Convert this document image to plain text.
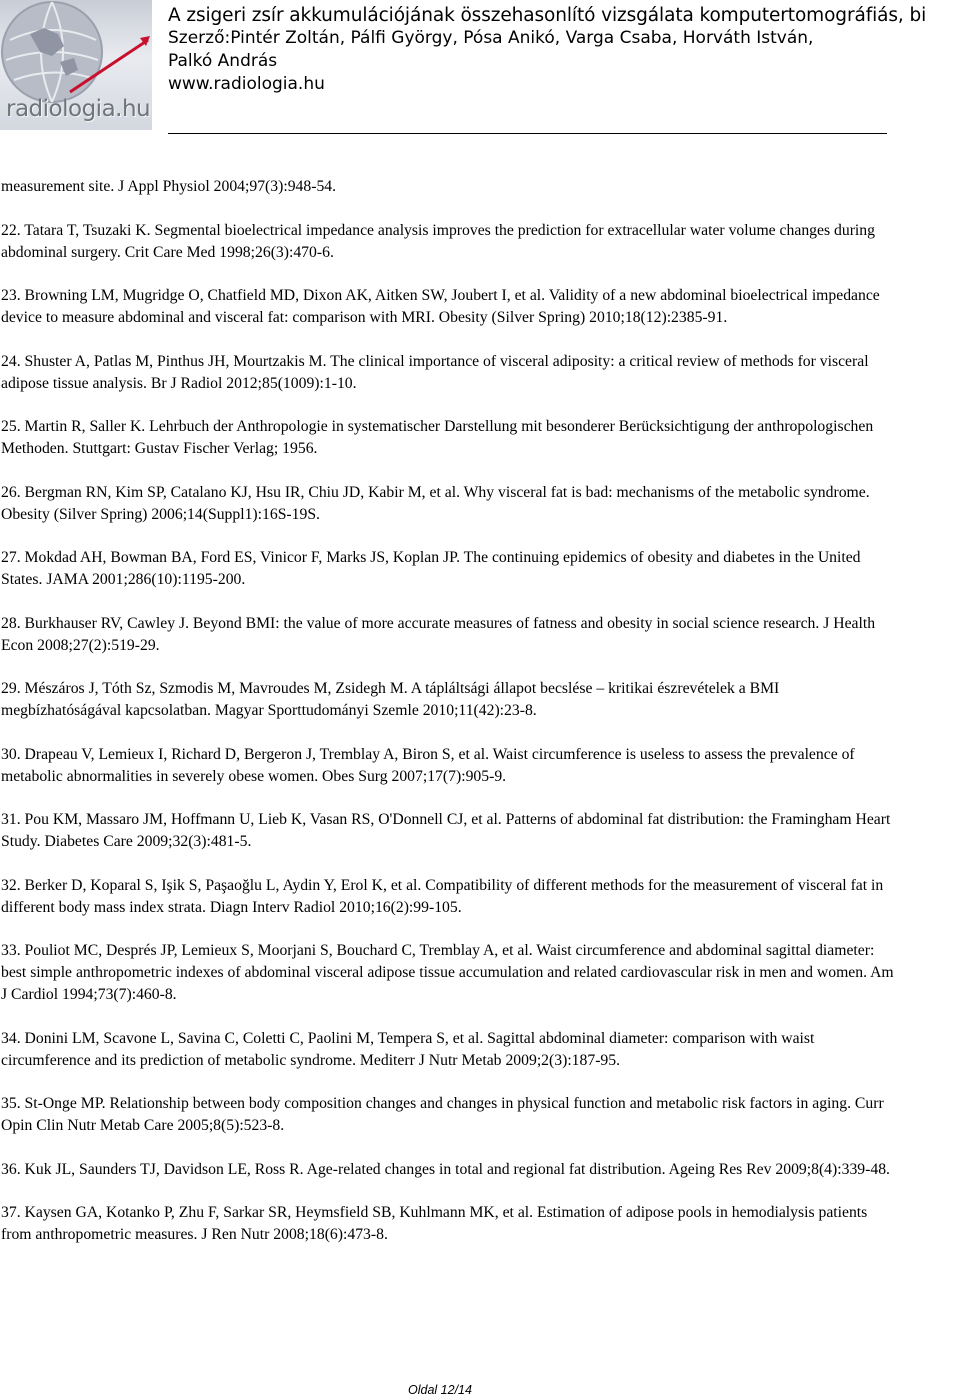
radiologia.hu
A zsigeri zsír akkumulációjának összehasonlító vizsgálata komputertomográfiás, bi
Szerző:Pintér Zoltán, Pálfi György, Pósa Anikó, Varga Csaba, Horváth István,
Palkó András
www.radiologia.hu

measurement site. J Appl Physiol 2004;97(3):948-54.

22. Tatara T, Tsuzaki K. Segmental bioelectrical impedance analysis improves the prediction for extracellular water volume changes during abdominal surgery. Crit Care Med 1998;26(3):470-6.

23. Browning LM, Mugridge O, Chatfield MD, Dixon AK, Aitken SW, Joubert I, et al. Validity of a new abdominal bioelectrical impedance device to measure abdominal and visceral fat: comparison with MRI. Obesity (Silver Spring) 2010;18(12):2385-91.

24. Shuster A, Patlas M, Pinthus JH, Mourtzakis M. The clinical importance of visceral adiposity: a critical review of methods for visceral adipose tissue analysis. Br J Radiol 2012;85(1009):1-10.

25. Martin R, Saller K. Lehrbuch der Anthropologie in systematischer Darstellung mit besonderer Berücksichtigung der anthropologischen Methoden. Stuttgart: Gustav Fischer Verlag; 1956.

26. Bergman RN, Kim SP, Catalano KJ, Hsu IR, Chiu JD, Kabir M, et al. Why visceral fat is bad: mechanisms of the metabolic syndrome. Obesity (Silver Spring) 2006;14(Suppl1):16S-19S.

27. Mokdad AH, Bowman BA, Ford ES, Vinicor F, Marks JS, Koplan JP. The continuing epidemics of obesity and diabetes in the United States. JAMA 2001;286(10):1195-200.

28. Burkhauser RV, Cawley J. Beyond BMI: the value of more accurate measures of fatness and obesity in social science research. J Health Econ 2008;27(2):519-29.

29. Mészáros J, Tóth Sz, Szmodis M, Mavroudes M, Zsidegh M. A tápláltsági állapot becslése – kritikai észrevételek a BMI megbízhatóságával kapcsolatban. Magyar Sporttudományi Szemle 2010;11(42):23-8.

30. Drapeau V, Lemieux I, Richard D, Bergeron J, Tremblay A, Biron S, et al. Waist circumference is useless to assess the prevalence of metabolic abnormalities in severely obese women. Obes Surg 2007;17(7):905-9.

31. Pou KM, Massaro JM, Hoffmann U, Lieb K, Vasan RS, O'Donnell CJ, et al. Patterns of abdominal fat distribution: the Framingham Heart Study. Diabetes Care 2009;32(3):481-5.

32. Berker D, Koparal S, Işik S, Paşaoğlu L, Aydin Y, Erol K, et al. Compatibility of different methods for the measurement of visceral fat in different body mass index strata. Diagn Interv Radiol 2010;16(2):99-105.

33. Pouliot MC, Després JP, Lemieux S, Moorjani S, Bouchard C, Tremblay A, et al. Waist circumference and abdominal sagittal diameter: best simple anthropometric indexes of abdominal visceral adipose tissue accumulation and related cardiovascular risk in men and women. Am J Cardiol 1994;73(7):460-8.

34. Donini LM, Scavone L, Savina C, Coletti C, Paolini M, Tempera S, et al. Sagittal abdominal diameter: comparison with waist circumference and its prediction of metabolic syndrome. Mediterr J Nutr Metab 2009;2(3):187-95.

35. St-Onge MP. Relationship between body composition changes and changes in physical function and metabolic risk factors in aging. Curr Opin Clin Nutr Metab Care 2005;8(5):523-8.

36. Kuk JL, Saunders TJ, Davidson LE, Ross R. Age-related changes in total and regional fat distribution. Ageing Res Rev 2009;8(4):339-48.

37. Kaysen GA, Kotanko P, Zhu F, Sarkar SR, Heymsfield SB, Kuhlmann MK, et al. Estimation of adipose pools in hemodialysis patients from anthropometric measures. J Ren Nutr 2008;18(6):473-8.

Oldal 12/14
